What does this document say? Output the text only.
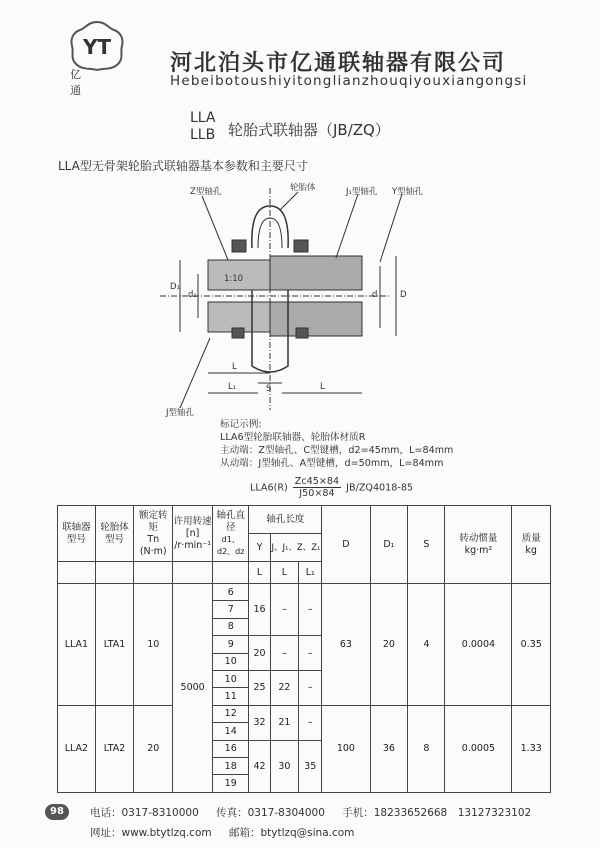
YT
亿 通
河北泊头市亿通联轴器有限公司
Hebeibotoushiyitonglianzhouqiyouxiangongsi
LLA
LLB 轮胎式联轴器（JB/ZQ）
LLA型无骨架轮胎式联轴器基本参数和主要尺寸
Z型轴孔	轮胎体	J₁型轴孔 Y型轴孔
1:10
D₁
d₁	d	D
L
L₁	S	L
J型轴孔
标记示例:
LLA6型轮胎联轴器、轮胎体材质R
主动端：Z型轴孔、C型键槽，d2=45mm，L=84mm
从动端：J型轴孔、A型键槽，d=50mm，L=84mm
$LLA6(R) \frac{Zc45\times 84}{J50\times 84} JB/ZQ4018-85$
联轴器型号	轮胎体型号	额定转矩
Tn
(N·m)	许用转速
[n]
/r·min⁻¹	轴孔直径
d1、d2、dz	轴孔长度			D	D₁	S	转动惯量
kg·m²	质量
kg

					Y	J、J₁、Z、Z₁						
					L	L	L₁					
LLA1	LTA1	10	5000	6	16	–	–	63	20	4	0.0004	0.35
				7								
				8								
				9	20	–	–					
				10								
				10	25	22	–					
				11								
LLA2	LTA2	20		12	32	21	–	100	36	8	0.0005	1.33
				14								
				16	42	30	35					
				18								
				19								
98	电话：0317-8310000 传真：0317-8304000 手机：18233652668　13127323102
网址：www.btytlzq.com 邮箱：btytlzq@sina.com
